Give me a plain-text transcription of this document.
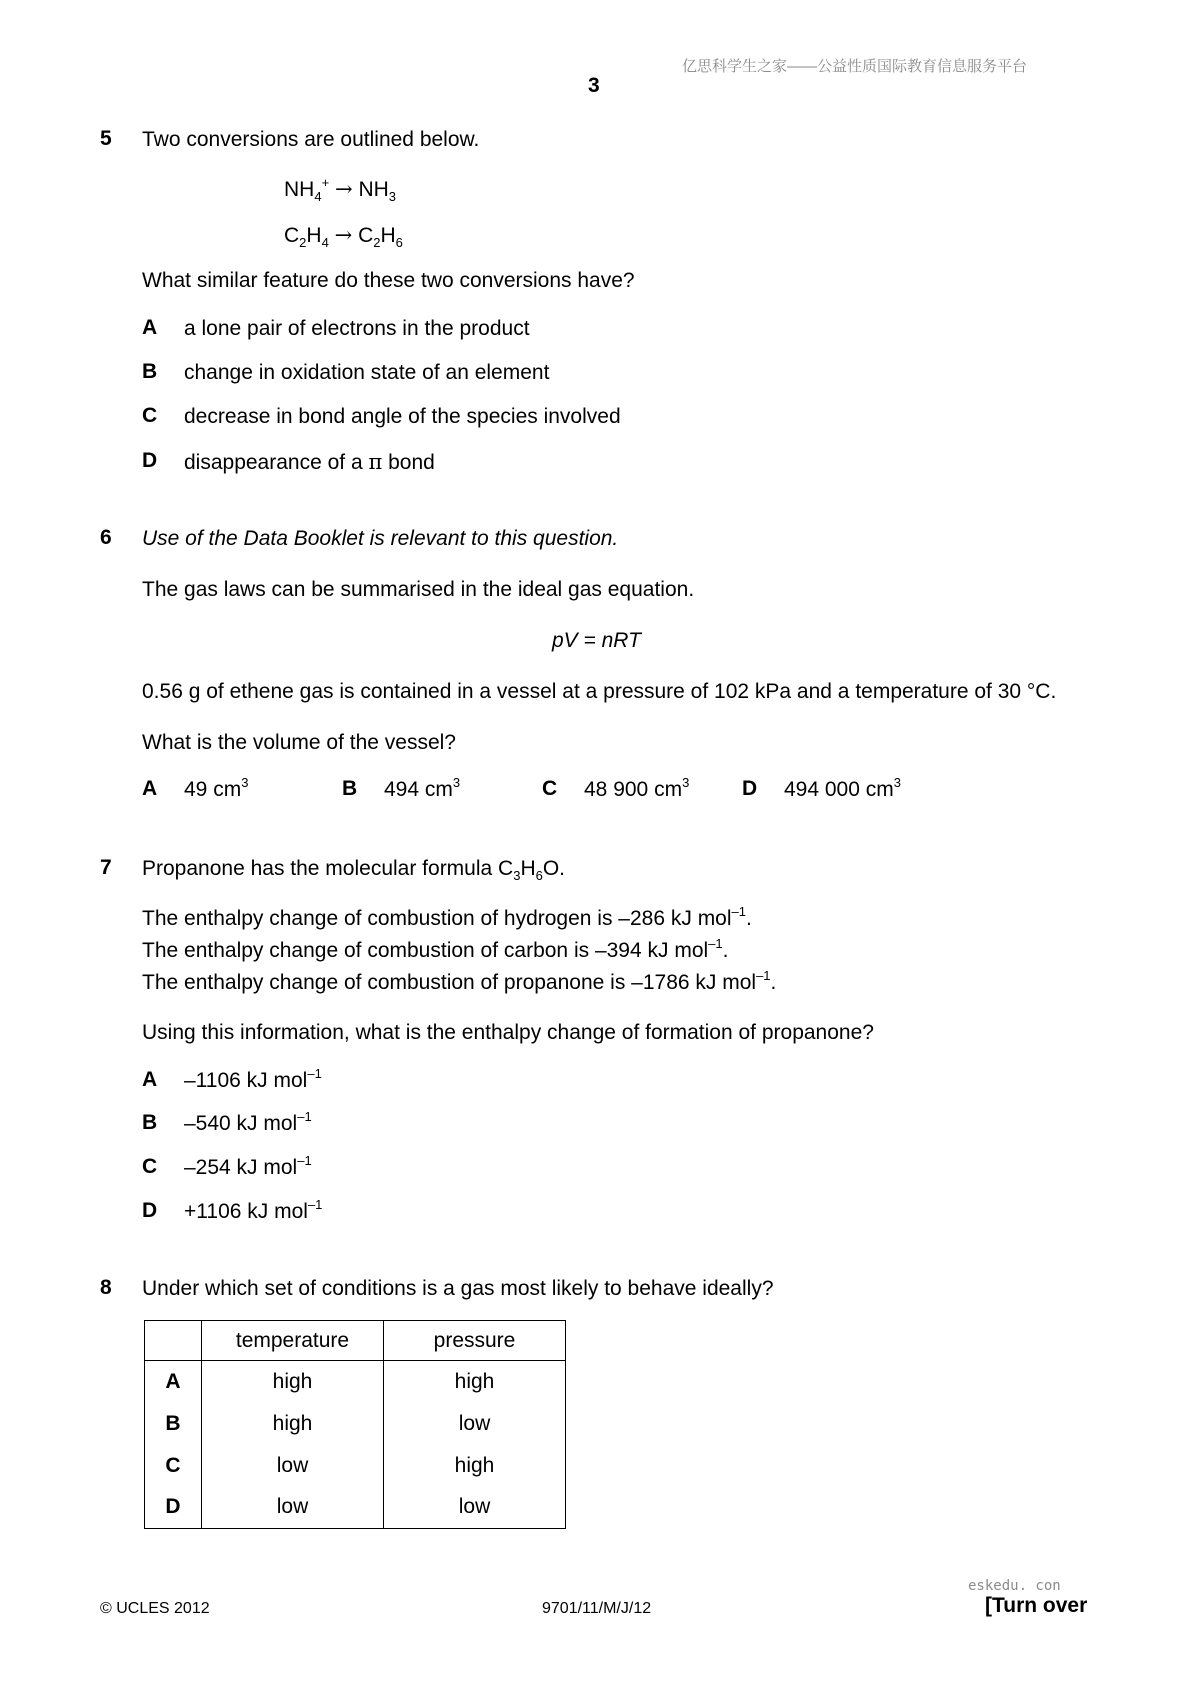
亿思科学生之家——公益性质国际教育信息服务平台
3
5 Two conversions are outlined below.
$NH_4^+ \to NH_3$
$C_2H_4 \to C_2H_6$
What similar feature do these two conversions have?
A a lone pair of electrons in the product
B change in oxidation state of an element
C decrease in bond angle of the species involved
D disappearance of a π bond
6 Use of the Data Booklet is relevant to this question.
The gas laws can be summarised in the ideal gas equation.
pV = nRT
0.56 g of ethene gas is contained in a vessel at a pressure of 102 kPa and a temperature of 30 °C.
What is the volume of the vessel?
A 49 $cm^3$	B 494 $cm^3$	C 48 900 $cm^3$	D 494 000 $cm^3$
7 Propanone has the molecular formula $C_3H_6O$.
The enthalpy change of combustion of hydrogen is –286 kJ mol$^{-1}$.
The enthalpy change of combustion of carbon is –394 kJ mol$^{-1}$.
The enthalpy change of combustion of propanone is –1786 kJ mol$^{-1}$.
Using this information, what is the enthalpy change of formation of propanone?
A –1106 kJ mol$^{-1}$
B –540 kJ mol$^{-1}$
C –254 kJ mol$^{-1}$
D +1106 kJ mol$^{-1}$
8 Under which set of conditions is a gas most likely to behave ideally?
	temperature	pressure
A	high	high
B	high	low
C	low	high
D	low	low
eskedu. con
© UCLES 2012	9701/11/M/J/12	[Turn over
